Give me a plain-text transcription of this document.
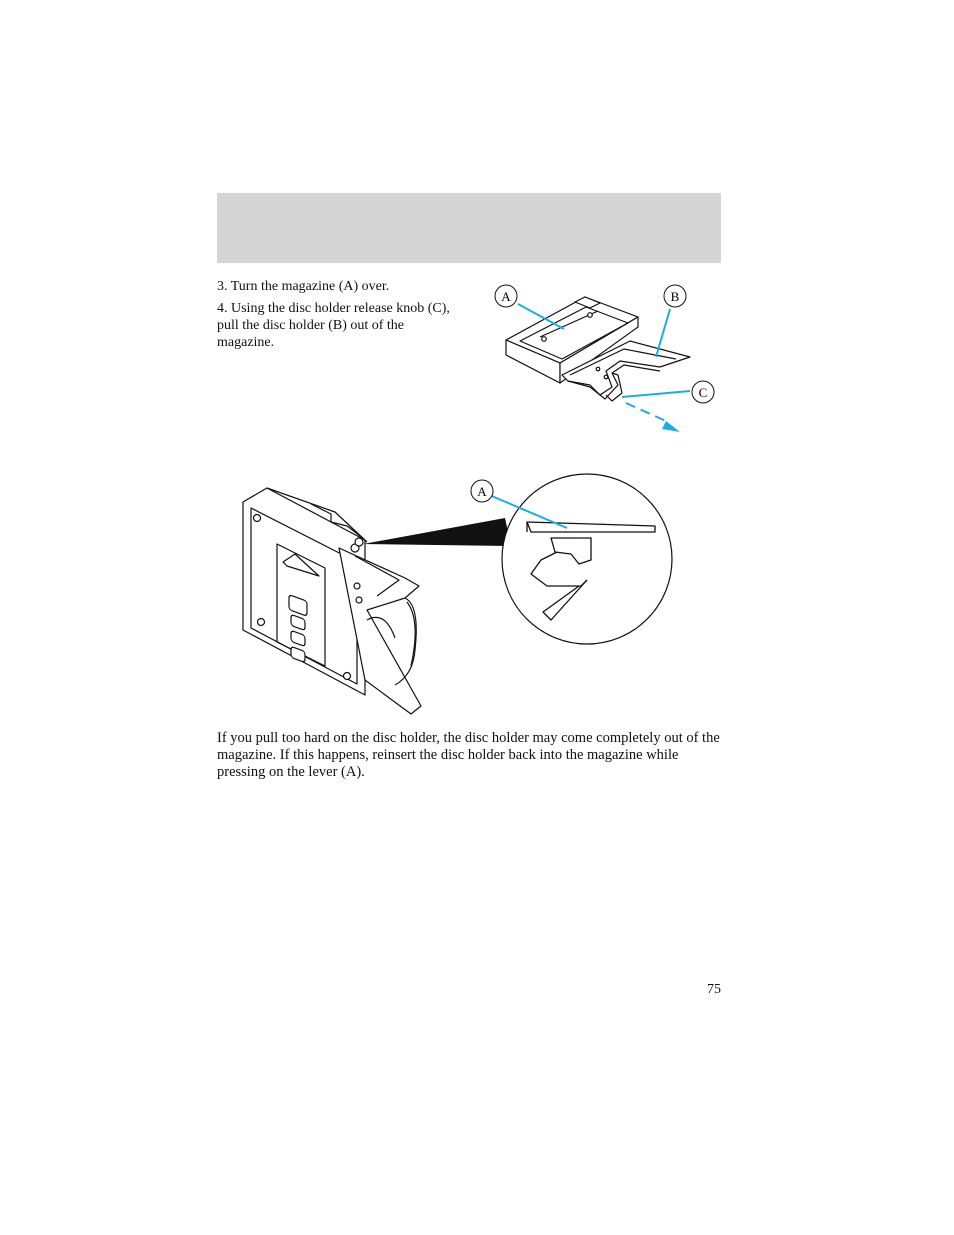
3. Turn the magazine (A) over.

4. Using the disc holder release knob (C), pull the disc holder (B) out of the magazine.

A	B
C
A

If you pull too hard on the disc holder, the disc holder may come completely out of the magazine. If this happens, reinsert the disc holder back into the magazine while pressing on the lever (A).

75
